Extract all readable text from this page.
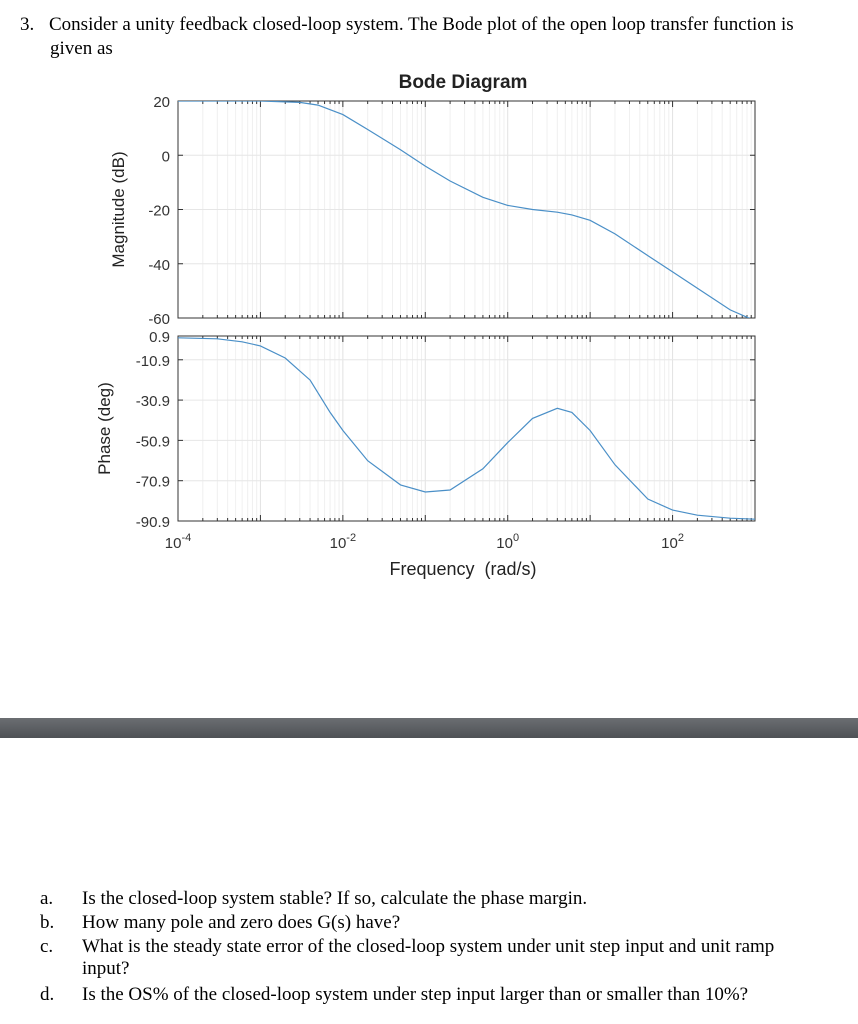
3. Consider a unity feedback closed-loop system. The Bode plot of the open loop transfer function is
given as
Bode Diagram
20
0
-20
-40
-60
Magnitude (dB)
0.9
-10.9
-30.9
-50.9
-70.9
-90.9
Phase (deg)
$10^{-4}$	$10^{-2}$	$10^0$	$10^2$
Frequency  (rad/s)
a. Is the closed-loop system stable? If so, calculate the phase margin.
b. How many pole and zero does G(s) have?
c. What is the steady state error of the closed-loop system under unit step input and unit ramp input?
d. Is the OS% of the closed-loop system under step input larger than or smaller than 10%?
